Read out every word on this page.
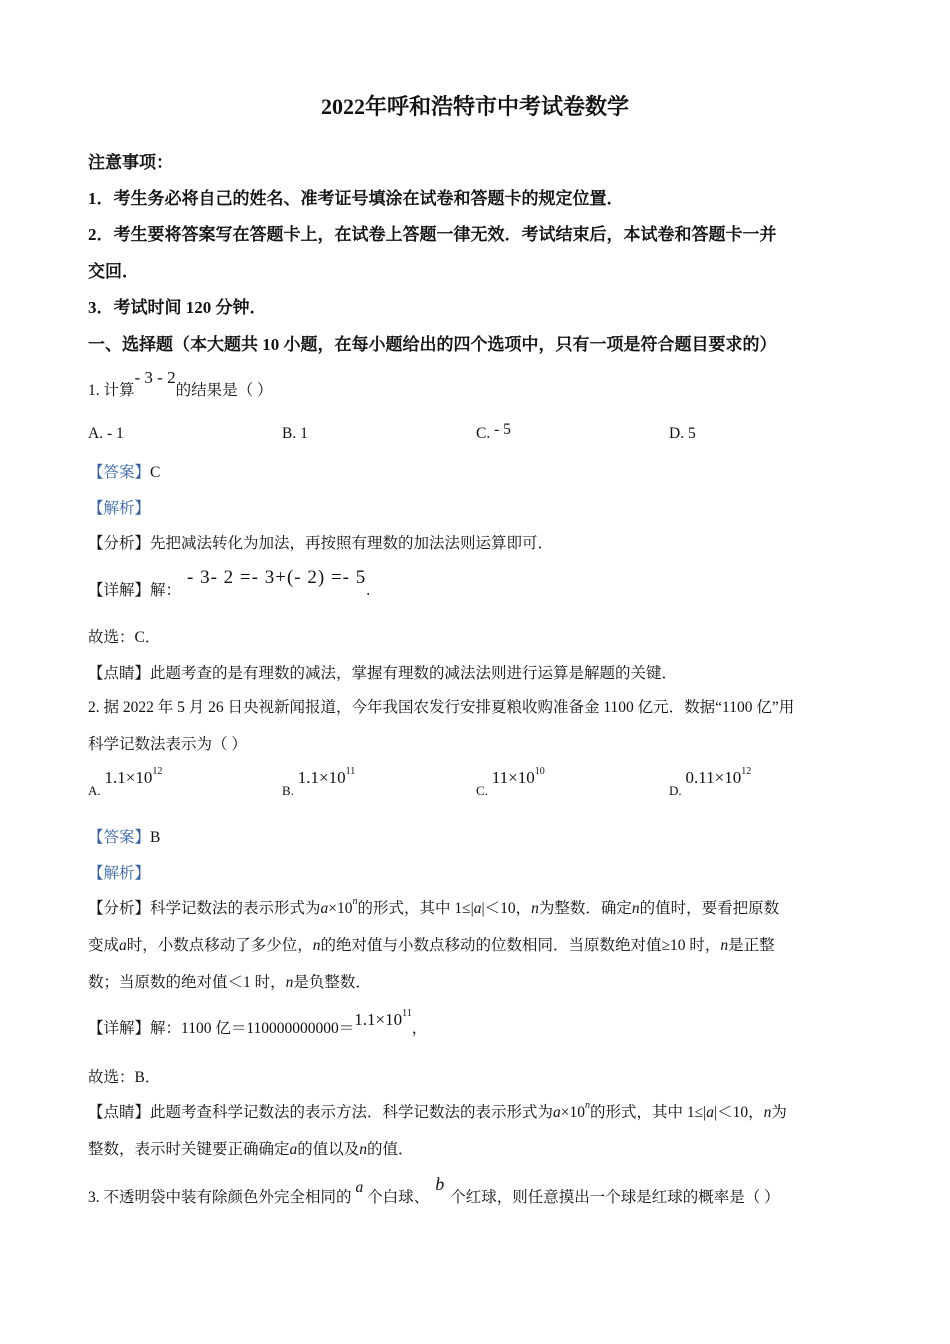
2022年呼和浩特市中考试卷数学
注意事项：
1．考生务必将自己的姓名、准考证号填涂在试卷和答题卡的规定位置．
2．考生要将答案写在答题卡上，在试卷上答题一律无效．考试结束后，本试卷和答题卡一并
交回．
3．考试时间 120 分钟．
一、选择题（本大题共 10 小题，在每小题给出的四个选项中，只有一项是符合题目要求的）
1. 计算- 3 - 2的结果是（ ）
A. - 1	B. 1	C. - 5	D. 5
【答案】C
【解析】
【分析】先把减法转化为加法，再按照有理数的加法法则运算即可．
【详解】解：- 3- 2 =- 3+(- 2) =- 5.
故选：C．
【点睛】此题考查的是有理数的减法，掌握有理数的减法法则进行运算是解题的关键．
2. 据 2022 年 5 月 26 日央视新闻报道，今年我国农发行安排夏粮收购准备金 1100 亿元．数据“1100 亿”用
科学记数法表示为（ ）
$_{A.}$ $1.1\times 10^{12}$
$_{B.}$ $1.1\times 10^{11}$
$_{C.}$ $11\times 10^{10}$
$_{D.}$ $0.11\times 10^{12}$
【答案】B
【解析】
【分析】科学记数法的表示形式为$a\times 10^n$的形式，其中 1≤|a|＜10，n为整数．确定n的值时，要看把原数
变成a时，小数点移动了多少位，n的绝对值与小数点移动的位数相同．当原数绝对值≥10 时，n是正整
数；当原数的绝对值＜1 时，n是负整数．
【详解】解：1100 亿$=110000000000=1.1\times 10^{11}$，
故选：B．
【点睛】此题考查科学记数法的表示方法．科学记数法的表示形式为$a\times 10^n$的形式，其中 1≤|a|＜10，n为
整数，表示时关键要正确确定a的值以及n的值．
3. 不透明袋中装有除颜色外完全相同的a个白球、b个红球，则任意摸出一个球是红球的概率是（ ）
